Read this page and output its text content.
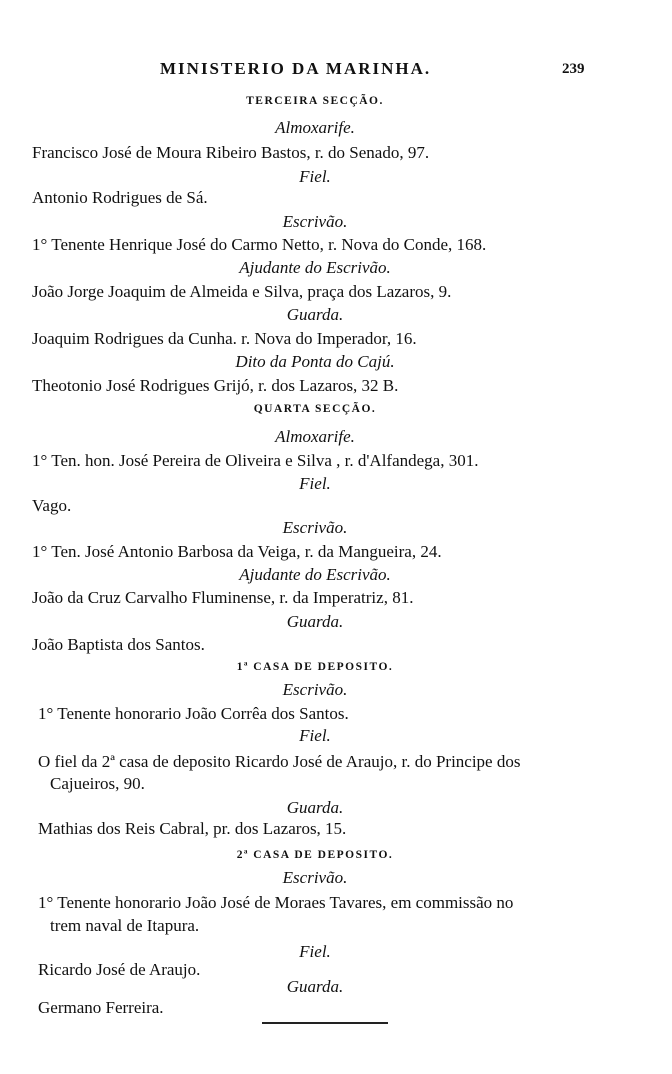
MINISTERIO DA MARINHA.	239
TERCEIRA SECÇÃO.
Almoxarife.
Francisco José de Moura Ribeiro Bastos, r. do Senado, 97.
Fiel.
Antonio Rodrigues de Sá.
Escrivão.
1° Tenente Henrique José do Carmo Netto, r. Nova do Conde, 168.
Ajudante do Escrivão.
João Jorge Joaquim de Almeida e Silva, praça dos Lazaros, 9.
Guarda.
Joaquim Rodrigues da Cunha. r. Nova do Imperador, 16.
Dito da Ponta do Cajú.
Theotonio José Rodrigues Grijó, r. dos Lazaros, 32 B.
QUARTA SECÇÃO.
Almoxarife.
1° Ten. hon. José Pereira de Oliveira e Silva , r. d'Alfandega, 301.
Fiel.
Vago.
Escrivão.
1° Ten. José Antonio Barbosa da Veiga, r. da Mangueira, 24.
Ajudante do Escrivão.
João da Cruz Carvalho Fluminense, r. da Imperatriz, 81.
Guarda.
João Baptista dos Santos.
1ª CASA DE DEPOSITO.
Escrivão.
1° Tenente honorario João Corrêa dos Santos.
Fiel.
O fiel da 2ª casa de deposito Ricardo José de Araujo, r. do Principe dos
Cajueiros, 90.
Guarda.
Mathias dos Reis Cabral, pr. dos Lazaros, 15.
2ª CASA DE DEPOSITO.
Escrivão.
1° Tenente honorario João José de Moraes Tavares, em commissão no
trem naval de Itapura.
Fiel.
Ricardo José de Araujo.
Guarda.
Germano Ferreira.
